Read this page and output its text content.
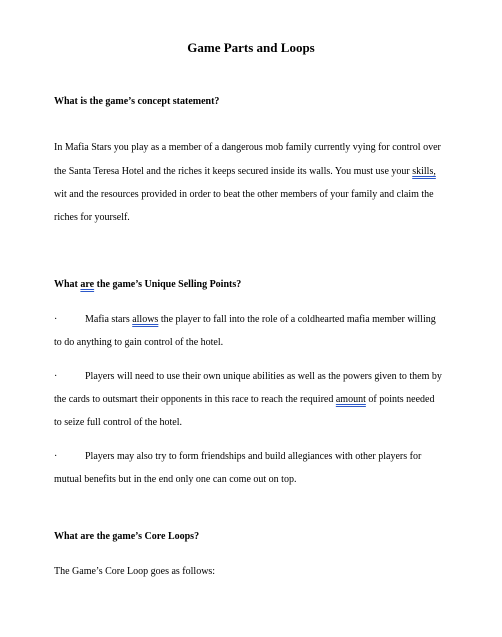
Game Parts and Loops
What is the game’s concept statement?
In Mafia Stars you play as a member of a dangerous mob family currently vying for control over
the Santa Teresa Hotel and the riches it keeps secured inside its walls. You must use your skills,
wit and the resources provided in order to beat the other members of your family and claim the
riches for yourself.
What are the game’s Unique Selling Points?
·	Mafia stars allows the player to fall into the role of a coldhearted mafia member willing
to do anything to gain control of the hotel.
·	Players will need to use their own unique abilities as well as the powers given to them by
the cards to outsmart their opponents in this race to reach the required amount of points needed
to seize full control of the hotel.
·	Players may also try to form friendships and build allegiances with other players for
mutual benefits but in the end only one can come out on top.
What are the game’s Core Loops?
The Game’s Core Loop goes as follows:
